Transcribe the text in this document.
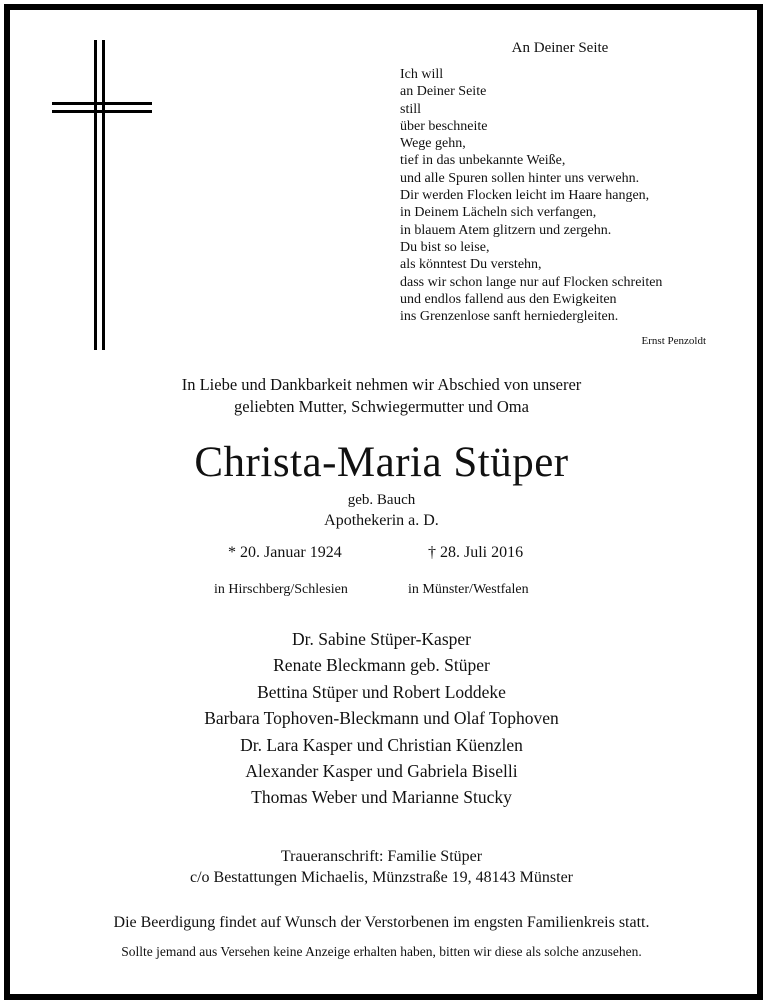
An Deiner Seite
Ich will
an Deiner Seite
still
über beschneite
Wege gehn,
tief in das unbekannte Weiße,
und alle Spuren sollen hinter uns verwehn.
Dir werden Flocken leicht im Haare hangen,
in Deinem Lächeln sich verfangen,
in blauem Atem glitzern und zergehn.
Du bist so leise,
als könntest Du verstehn,
dass wir schon lange nur auf Flocken schreiten
und endlos fallend aus den Ewigkeiten
ins Grenzenlose sanft herniedergleiten.
Ernst Penzoldt
In Liebe und Dankbarkeit nehmen wir Abschied von unserer
geliebten Mutter, Schwiegermutter und Oma
Christa-Maria Stüper
geb. Bauch
Apothekerin a. D.
* 20. Januar 1924	† 28. Juli 2016
in Hirschberg/Schlesien	in Münster/Westfalen
Dr. Sabine Stüper-Kasper
Renate Bleckmann geb. Stüper
Bettina Stüper und Robert Loddeke
Barbara Tophoven-Bleckmann und Olaf Tophoven
Dr. Lara Kasper und Christian Küenzlen
Alexander Kasper und Gabriela Biselli
Thomas Weber und Marianne Stucky
Traueranschrift: Familie Stüper
c/o Bestattungen Michaelis, Münzstraße 19, 48143 Münster
Die Beerdigung findet auf Wunsch der Verstorbenen im engsten Familienkreis statt.
Sollte jemand aus Versehen keine Anzeige erhalten haben, bitten wir diese als solche anzusehen.
